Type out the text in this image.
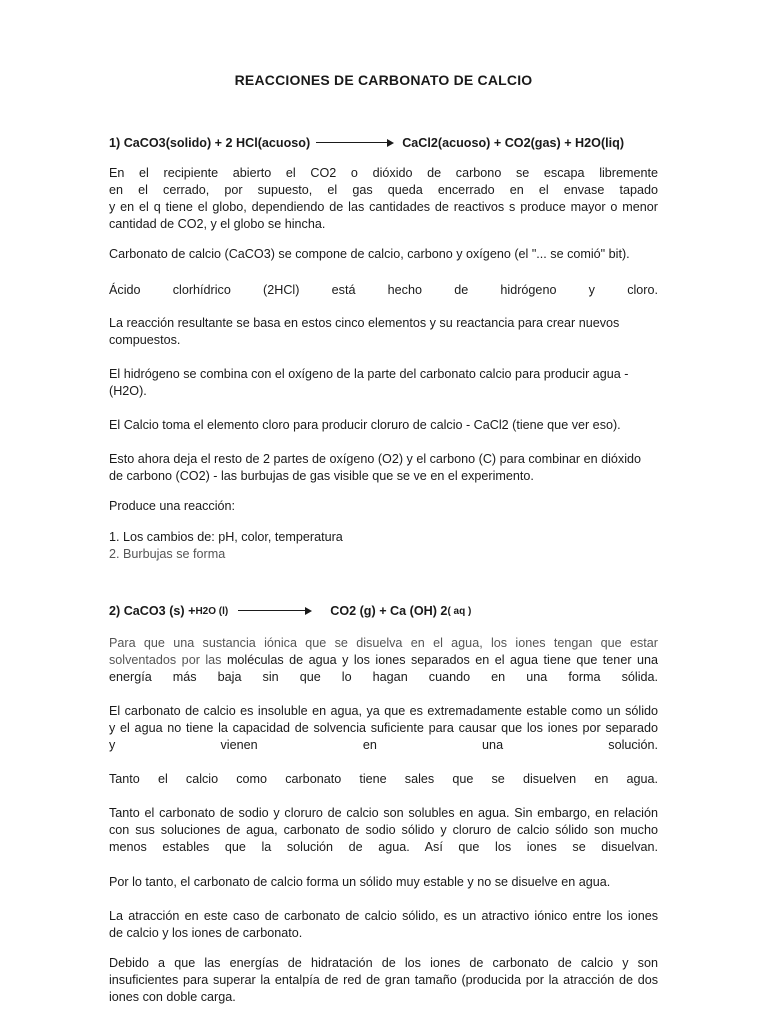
REACCIONES DE CARBONATO DE CALCIO
1) CaCO3(solido) + 2 HCl(acuoso)	CaCl2(acuoso) + CO2(gas) + H2O(liq)
En el recipiente abierto el CO2 o dióxido de carbono se escapa libremente
en el cerrado, por supuesto, el gas queda encerrado en el envase tapado
y en el q tiene el globo, dependiendo de las cantidades de reactivos s produce mayor o menor
cantidad de CO2, y el globo se hincha.
Carbonato de calcio (CaCO3) se compone de calcio, carbono y oxígeno (el "... se comió" bit).
Ácido clorhídrico (2HCl) está hecho de hidrógeno y cloro.
La reacción resultante se basa en estos cinco elementos y su reactancia para crear nuevos
compuestos.
El hidrógeno se combina con el oxígeno de la parte del carbonato calcio para producir agua -
(H2O).
El Calcio toma el elemento cloro para producir cloruro de calcio - CaCl2 (tiene que ver eso).
Esto ahora deja el resto de 2 partes de oxígeno (O2) y el carbono (C) para combinar en dióxido
de carbono (CO2) - las burbujas de gas visible que se ve en el experimento.
Produce una reacción:
1. Los cambios de: pH, color, temperatura
2. Burbujas se forma
2) CaCO3 (s) + H2O (l)	CO2 (g) + Ca (OH) 2 ( aq )
Para que una sustancia iónica que se disuelva en el agua, los iones tengan que estar
solventados por las moléculas de agua y los iones separados en el agua tiene que tener una
energía más baja sin que lo hagan cuando en una forma sólida.
El carbonato de calcio es insoluble en agua, ya que es extremadamente estable como un sólido
y el agua no tiene la capacidad de solvencia suficiente para causar que los iones por separado
y vienen en una solución.
Tanto el calcio como carbonato tiene sales que se disuelven en agua.
Tanto el carbonato de sodio y cloruro de calcio son solubles en agua. Sin embargo, en relación
con sus soluciones de agua, carbonato de sodio sólido y cloruro de calcio sólido son mucho
menos estables que la solución de agua. Así que los iones se disuelvan.
Por lo tanto, el carbonato de calcio forma un sólido muy estable y no se disuelve en agua.
La atracción en este caso de carbonato de calcio sólido, es un atractivo iónico entre los iones
de calcio y los iones de carbonato.
Debido a que las energías de hidratación de los iones de carbonato de calcio y son
insuficientes para superar la entalpía de red de gran tamaño (producida por la atracción de dos
iones con doble carga.
